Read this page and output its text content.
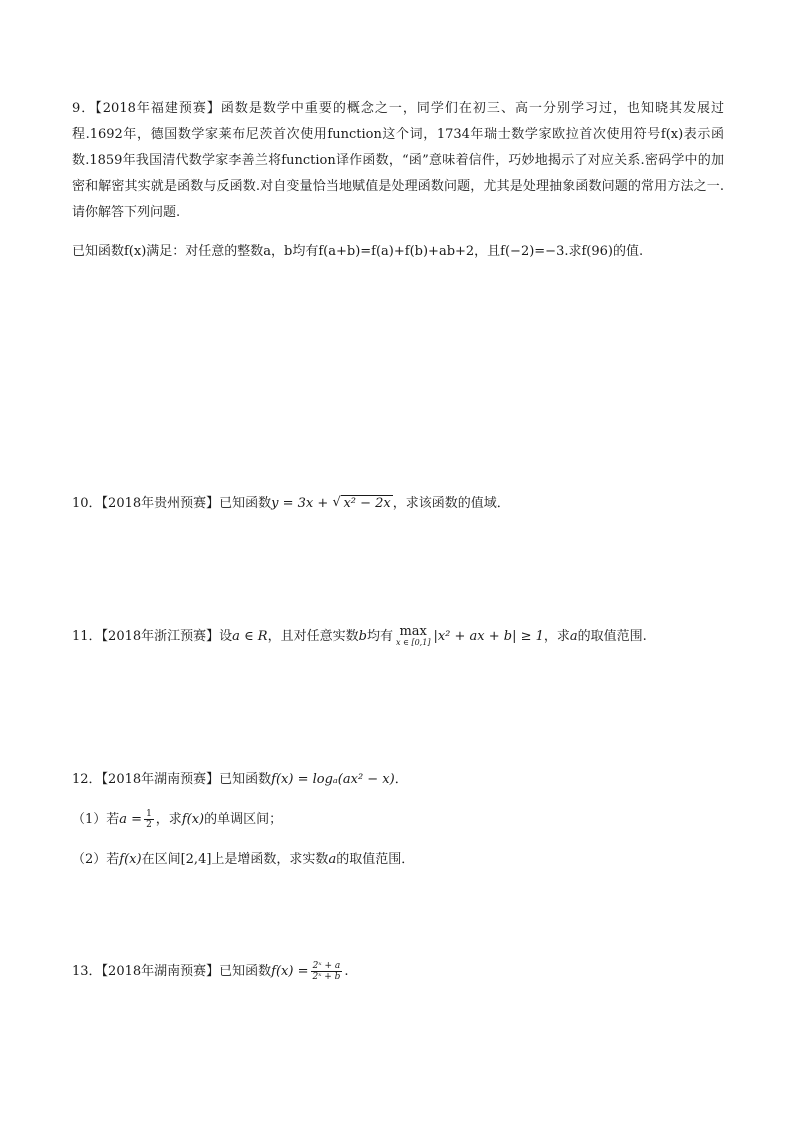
9．【2018年福建预赛】函数是数学中重要的概念之一，同学们在初三、高一分别学习过，也知晓其发展过程.1692年，德国数学家莱布尼茨首次使用function这个词，1734年瑞士数学家欧拉首次使用符号f(x)表示函数.1859年我国清代数学家李善兰将function译作函数，“函”意味着信件，巧妙地揭示了对应关系.密码学中的加密和解密其实就是函数与反函数.对自变量恰当地赋值是处理函数问题，尤其是处理抽象函数问题的常用方法之一.请你解答下列问题.

已知函数f(x)满足：对任意的整数a，b均有f(a+b)=f(a)+f(b)+ab+2，且f(−2)=−3.求f(96)的值.

10．【2018年贵州预赛】已知函数y = 3x + √ x² − 2x ，求该函数的值域．
11．【2018年浙江预赛】设a ∈ R，且对任意实数b均有 max
x ∈ [0,1] |x² + ax + b| ≥ 1，求a的取值范围.
12．【2018年湖南预赛】已知函数f(x) = logₐ(ax² − x)．
（1）若$a = \frac{1}{2}$ ，求f(x)的单调区间；
（2）若f(x)在区间[2,4]上是增函数，求实数a的取值范围．
13．【2018年湖南预赛】已知函数$f(x) = \frac{\text{2ˣ + a}}{\text{2ˣ + b}}$ .
